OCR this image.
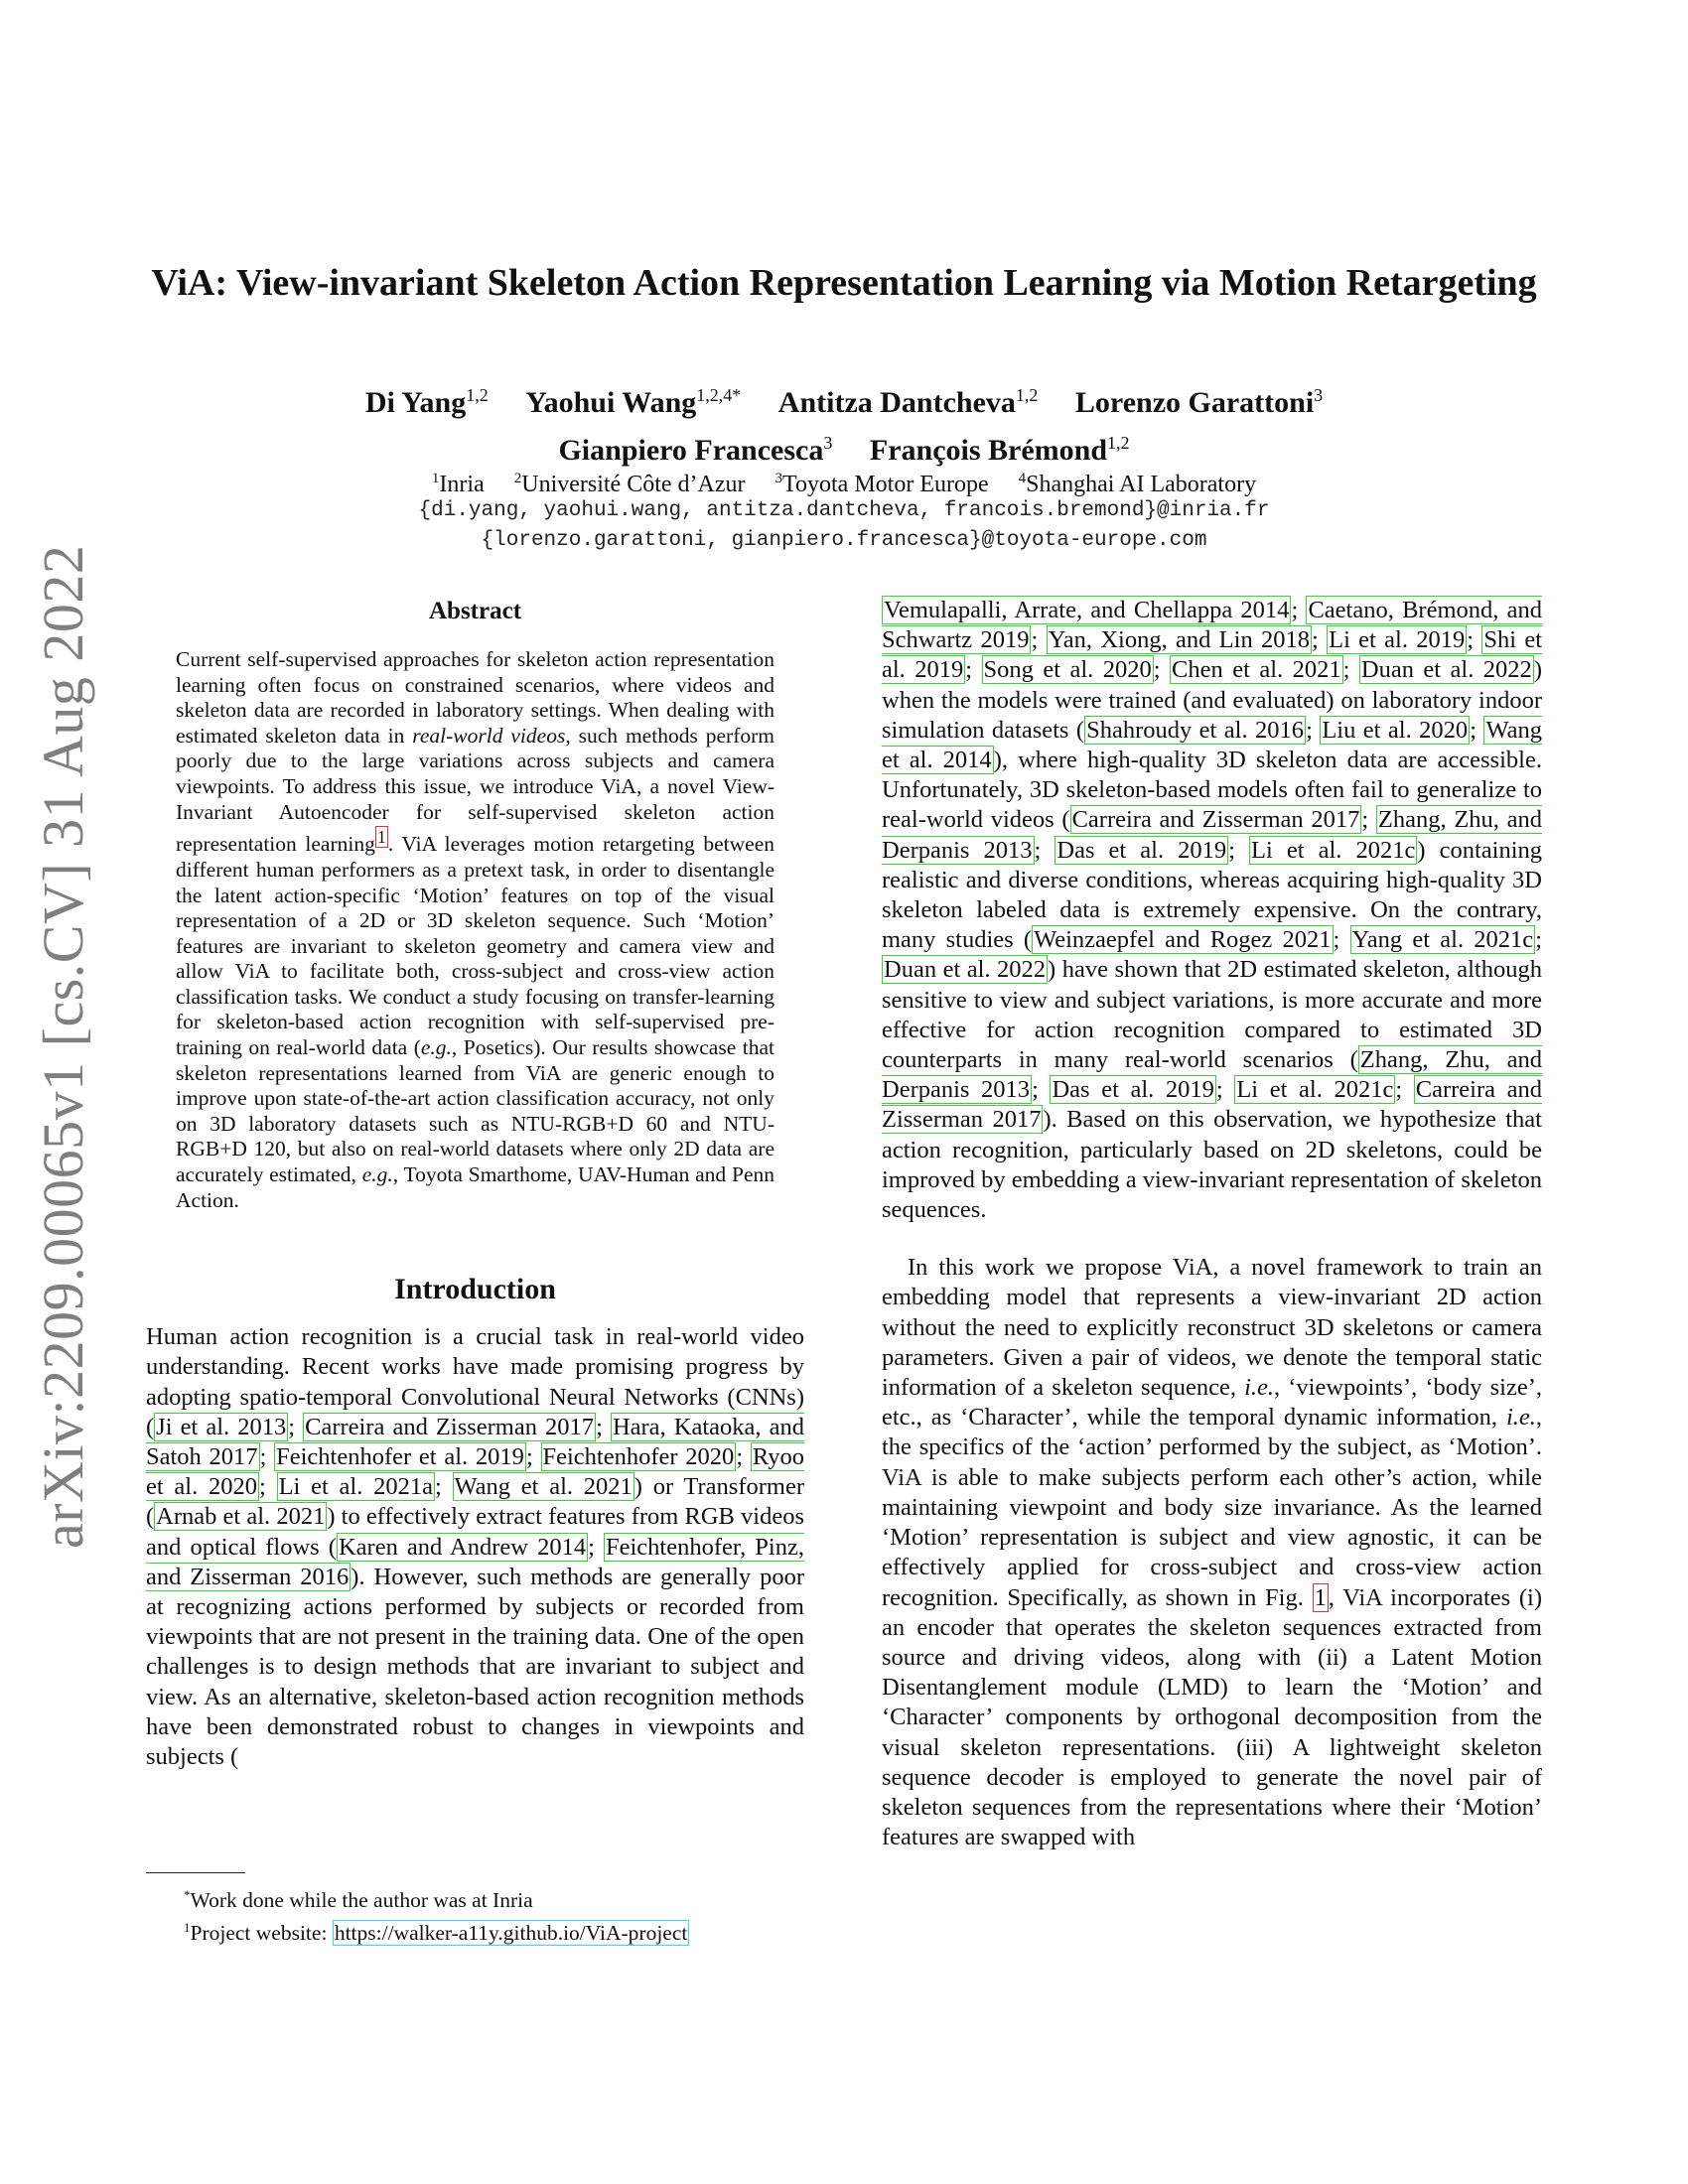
arXiv:2209.00065v1 [cs.CV] 31 Aug 2022
ViA: View-invariant Skeleton Action Representation Learning via Motion Retargeting
Di Yang$^{1,2}$ Yaohui Wang$^{1,2,4*}$ Antitza Dantcheva$^{1,2}$ Lorenzo Garattoni$^3$
Gianpiero Francesca$^3$ François Brémond$^{1,2}$
$^1$Inria $^2$Université Côte d’Azur $^3$Toyota Motor Europe $^4$Shanghai AI Laboratory
{di.yang, yaohui.wang, antitza.dantcheva, francois.bremond}@inria.fr
{lorenzo.garattoni, gianpiero.francesca}@toyota-europe.com
Abstract
Current self-supervised approaches for skeleton action representation learning often focus on constrained scenarios, where videos and skeleton data are recorded in laboratory settings. When dealing with estimated skeleton data in real-world videos, such methods perform poorly due to the large variations across subjects and camera viewpoints. To address this issue, we introduce ViA, a novel View-Invariant Autoencoder for self-supervised skeleton action representation learning $^1$. ViA leverages motion retargeting between different human performers as a pretext task, in order to disentangle the latent action-specific ‘Motion’ features on top of the visual representation of a 2D or 3D skeleton sequence. Such ‘Motion’ features are invariant to skeleton geometry and camera view and allow ViA to facilitate both, cross-subject and cross-view action classification tasks. We conduct a study focusing on transfer-learning for skeleton-based action recognition with self-supervised pre-training on real-world data (e.g., Posetics). Our results showcase that skeleton representations learned from ViA are generic enough to improve upon state-of-the-art action classification accuracy, not only on 3D laboratory datasets such as NTU-RGB+D 60 and NTU-RGB+D 120, but also on real-world datasets where only 2D data are accurately estimated, e.g., Toyota Smarthome, UAV-Human and Penn Action.
Introduction

Human action recognition is a crucial task in real-world video understanding. Recent works have made promising progress by adopting spatio-temporal Convolutional Neural Networks (CNNs) (Ji et al. 2013; Carreira and Zisserman 2017; Hara, Kataoka, and Satoh 2017; Feichtenhofer et al. 2019; Feichtenhofer 2020; Ryoo et al. 2020; Li et al. 2021a; Wang et al. 2021) or Transformer (Arnab et al. 2021) to effectively extract features from RGB videos and optical flows (Karen and Andrew 2014; Feichtenhofer, Pinz, and Zisserman 2016). However, such methods are generally poor at recognizing actions performed by subjects or recorded from viewpoints that are not present in the training data. One of the open challenges is to design methods that are invariant to subject and view. As an alternative, skeleton-based action recognition methods have been demonstrated robust to changes in viewpoints and subjects (

Vemulapalli, Arrate, and Chellappa 2014; Caetano, Brémond, and Schwartz 2019; Yan, Xiong, and Lin 2018; Li et al. 2019; Shi et al. 2019; Song et al. 2020; Chen et al. 2021; Duan et al. 2022) when the models were trained (and evaluated) on laboratory indoor simulation datasets (Shahroudy et al. 2016; Liu et al. 2020; Wang et al. 2014), where high-quality 3D skeleton data are accessible. Unfortunately, 3D skeleton-based models often fail to generalize to real-world videos (Carreira and Zisserman 2017; Zhang, Zhu, and Derpanis 2013; Das et al. 2019; Li et al. 2021c) containing realistic and diverse conditions, whereas acquiring high-quality 3D skeleton labeled data is extremely expensive. On the contrary, many studies (Weinzaepfel and Rogez 2021; Yang et al. 2021c; Duan et al. 2022) have shown that 2D estimated skeleton, although sensitive to view and subject variations, is more accurate and more effective for action recognition compared to estimated 3D counterparts in many real-world scenarios (Zhang, Zhu, and Derpanis 2013; Das et al. 2019; Li et al. 2021c; Carreira and Zisserman 2017). Based on this observation, we hypothesize that action recognition, particularly based on 2D skeletons, could be improved by embedding a view-invariant representation of skeleton sequences.

In this work we propose ViA, a novel framework to train an embedding model that represents a view-invariant 2D action without the need to explicitly reconstruct 3D skeletons or camera parameters. Given a pair of videos, we denote the temporal static information of a skeleton sequence, i.e., ‘viewpoints’, ‘body size’, etc., as ‘Character’, while the temporal dynamic information, i.e., the specifics of the ‘action’ performed by the subject, as ‘Motion’. ViA is able to make subjects perform each other’s action, while maintaining viewpoint and body size invariance. As the learned ‘Motion’ representation is subject and view agnostic, it can be effectively applied for cross-subject and cross-view action recognition. Specifically, as shown in Fig. 1, ViA incorporates (i) an encoder that operates the skeleton sequences extracted from source and driving videos, along with (ii) a Latent Motion Disentanglement module (LMD) to learn the ‘Motion’ and ‘Character’ components by orthogonal decomposition from the visual skeleton representations. (iii) A lightweight skeleton sequence decoder is employed to generate the novel pair of skeleton sequences from the representations where their ‘Motion’ features are swapped with

*Work done while the author was at Inria
$^1$Project website: https://walker-a11y.github.io/ViA-project
